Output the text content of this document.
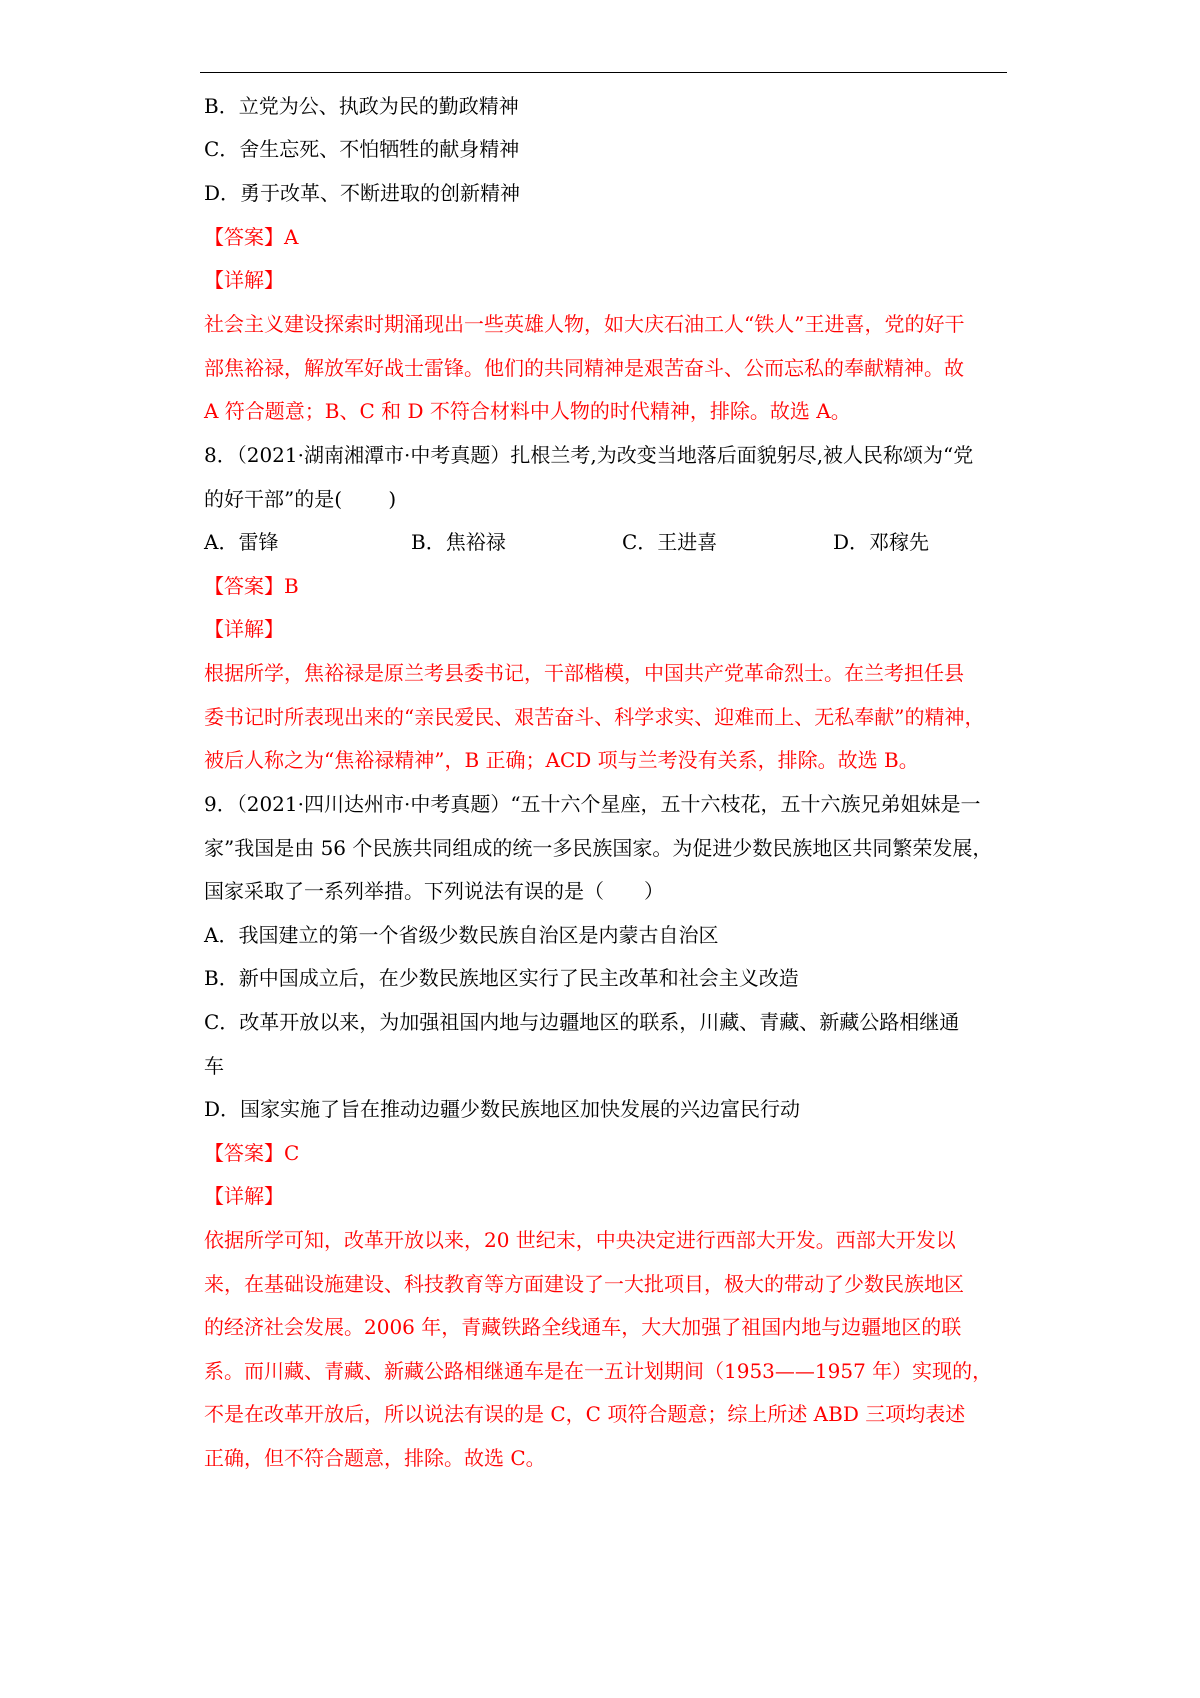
B．立党为公、执政为民的勤政精神
C．舍生忘死、不怕牺牲的献身精神
D．勇于改革、不断进取的创新精神
【答案】A
【详解】
社会主义建设探索时期涌现出一些英雄人物，如大庆石油工人“铁人”王进喜，党的好干
部焦裕禄，解放军好战士雷锋。他们的共同精神是艰苦奋斗、公而忘私的奉献精神。故
A 符合题意；B、C 和 D 不符合材料中人物的时代精神，排除。故选 A。
8．（2021·湖南湘潭市·中考真题）扎根兰考,为改变当地落后面貌躬尽,被人民称颂为“党
的好干部”的是(　　 )
A．雷锋	B．焦裕禄	C．王进喜	D．邓稼先
【答案】B
【详解】
根据所学，焦裕禄是原兰考县委书记，干部楷模，中国共产党革命烈士。在兰考担任县
委书记时所表现出来的“亲民爱民、艰苦奋斗、科学求实、迎难而上、无私奉献”的精神，
被后人称之为“焦裕禄精神”，B 正确；ACD 项与兰考没有关系，排除。故选 B。
9．（2021·四川达州市·中考真题）“五十六个星座，五十六枝花，五十六族兄弟姐妹是一
家”我国是由 56 个民族共同组成的统一多民族国家。为促进少数民族地区共同繁荣发展，
国家采取了一系列举措。下列说法有误的是（　　）
A．我国建立的第一个省级少数民族自治区是内蒙古自治区
B．新中国成立后，在少数民族地区实行了民主改革和社会主义改造
C．改革开放以来，为加强祖国内地与边疆地区的联系，川藏、青藏、新藏公路相继通
车
D．国家实施了旨在推动边疆少数民族地区加快发展的兴边富民行动
【答案】C
【详解】
依据所学可知，改革开放以来，20 世纪末，中央决定进行西部大开发。西部大开发以
来，在基础设施建设、科技教育等方面建设了一大批项目，极大的带动了少数民族地区
的经济社会发展。2006 年，青藏铁路全线通车，大大加强了祖国内地与边疆地区的联
系。而川藏、青藏、新藏公路相继通车是在一五计划期间（1953——1957 年）实现的，
不是在改革开放后，所以说法有误的是 C，C 项符合题意；综上所述 ABD 三项均表述
正确，但不符合题意，排除。故选 C。
